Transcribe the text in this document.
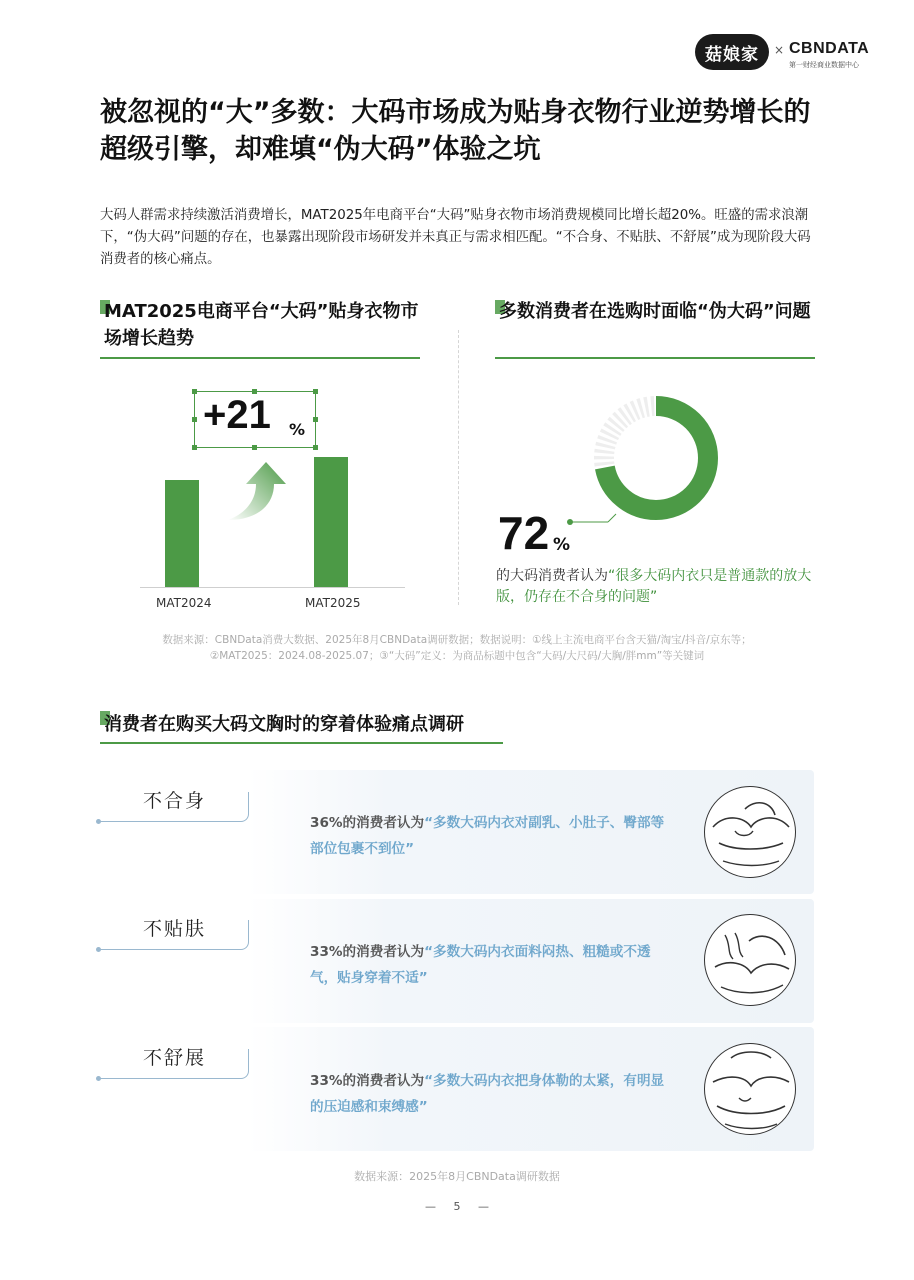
菇娘家	× CBNDATA
第一财经商业数据中心
被忽视的“大”多数：大码市场成为贴身衣物行业逆势增长的超级引擎，却难填“伪大码”体验之坑
大码人群需求持续激活消费增长，MAT2025年电商平台“大码”贴身衣物市场消费规模同比增长超20%。旺盛的需求浪潮下，“伪大码”问题的存在，也暴露出现阶段市场研发并未真正与需求相匹配。“不合身、不贴肤、不舒展”成为现阶段大码消费者的核心痛点。
MAT2025电商平台“大码”贴身衣物市场增长趋势
多数消费者在选购时面临“伪大码”问题
MAT2024	MAT2025
+21 %
72 %
的大码消费者认为“很多大码内衣只是普通款的放大版，仍存在不合身的问题”
数据来源：CBNData消费大数据、2025年8月CBNData调研数据；数据说明：①线上主流电商平台含天猫/淘宝/抖音/京东等；
②MAT2025：2024.08-2025.07；③“大码”定义：为商品标题中包含“大码/大尺码/大胸/胖mm”等关键词
消费者在购买大码文胸时的穿着体验痛点调研
不合身
36%的消费者认为“多数大码内衣对副乳、小肚子、臀部等部位包裹不到位”
不贴肤
33%的消费者认为“多数大码内衣面料闷热、粗糙或不透气，贴身穿着不适”
不舒展
33%的消费者认为“多数大码内衣把身体勒的太紧，有明显的压迫感和束缚感”
数据来源：2025年8月CBNData调研数据
—     5     —
